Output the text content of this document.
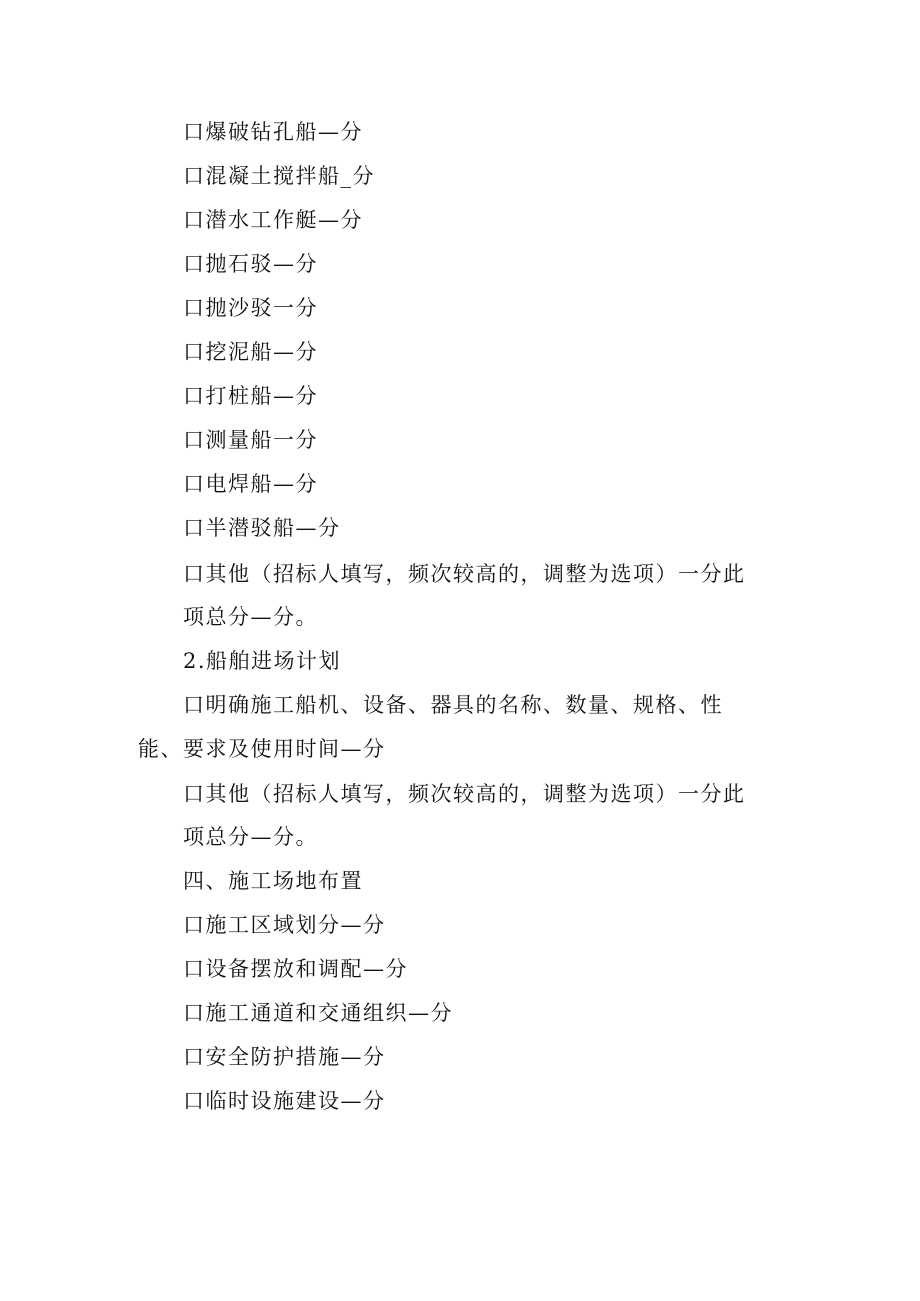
口爆破钻孔船—分
口混凝土搅拌船_分
口潜水工作艇—分
口抛石驳—分
口抛沙驳一分
口挖泥船—分
口打桩船—分
口测量船一分
口电焊船—分
口半潜驳船—分
口其他（招标人填写，频次较高的，调整为选项）一分此
项总分—分。
2.船舶进场计划
口明确施工船机、设备、器具的名称、数量、规格、性
能、要求及使用时间—分
口其他（招标人填写，频次较高的，调整为选项）一分此
项总分—分。
四、施工场地布置
口施工区域划分—分
口设备摆放和调配—分
口施工通道和交通组织—分
口安全防护措施—分
口临时设施建设—分
